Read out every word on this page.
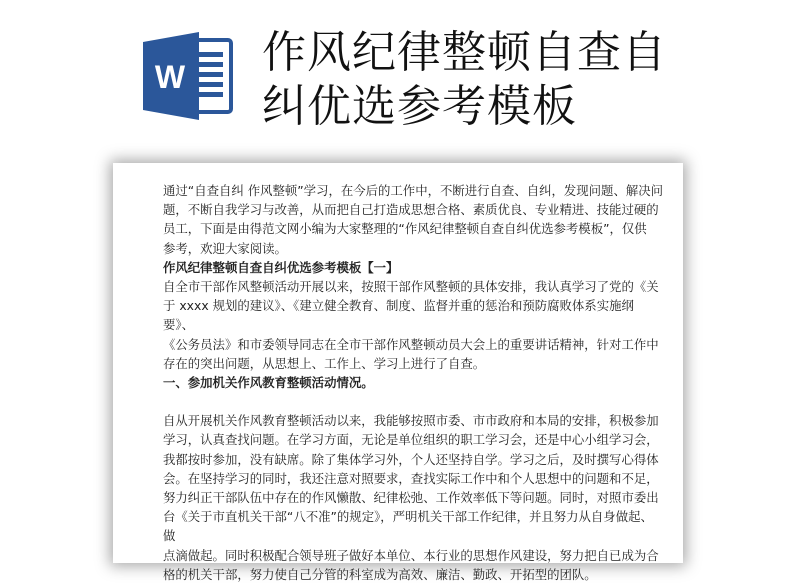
W 作风纪律整顿自查自
纠优选参考模板

通过“自查自纠 作风整顿”学习，在今后的工作中，不断进行自查、自纠，发现问题、解决问

题，不断自我学习与改善，从而把自己打造成思想合格、素质优良、专业精进、技能过硬的

员工，下面是由得范文网小编为大家整理的“作风纪律整顿自查自纠优选参考模板”，仅供

参考，欢迎大家阅读。

作风纪律整顿自查自纠优选参考模板【一】

自全市干部作风整顿活动开展以来，按照干部作风整顿的具体安排，我认真学习了党的《关

于 xxxx 规划的建议》、《建立健全教育、制度、监督并重的惩治和预防腐败体系实施纲要》、

《公务员法》和市委领导同志在全市干部作风整顿动员大会上的重要讲话精神，针对工作中

存在的突出问题，从思想上、工作上、学习上进行了自查。

一、参加机关作风教育整顿活动情况。

自从开展机关作风教育整顿活动以来，我能够按照市委、市市政府和本局的安排，积极参加

学习，认真查找问题。在学习方面，无论是单位组织的职工学习会，还是中心小组学习会，

我都按时参加，没有缺席。除了集体学习外，个人还坚持自学。学习之后，及时撰写心得体

会。在坚持学习的同时，我还注意对照要求，查找实际工作中和个人思想中的问题和不足，

努力纠正干部队伍中存在的作风懒散、纪律松弛、工作效率低下等问题。同时，对照市委出

台《关于市直机关干部“八不准”的规定》，严明机关干部工作纪律，并且努力从自身做起、做

点滴做起。同时积极配合领导班子做好本单位、本行业的思想作风建设，努力把自已成为合

格的机关干部，努力使自己分管的科室成为高效、廉洁、勤政、开拓型的团队。
